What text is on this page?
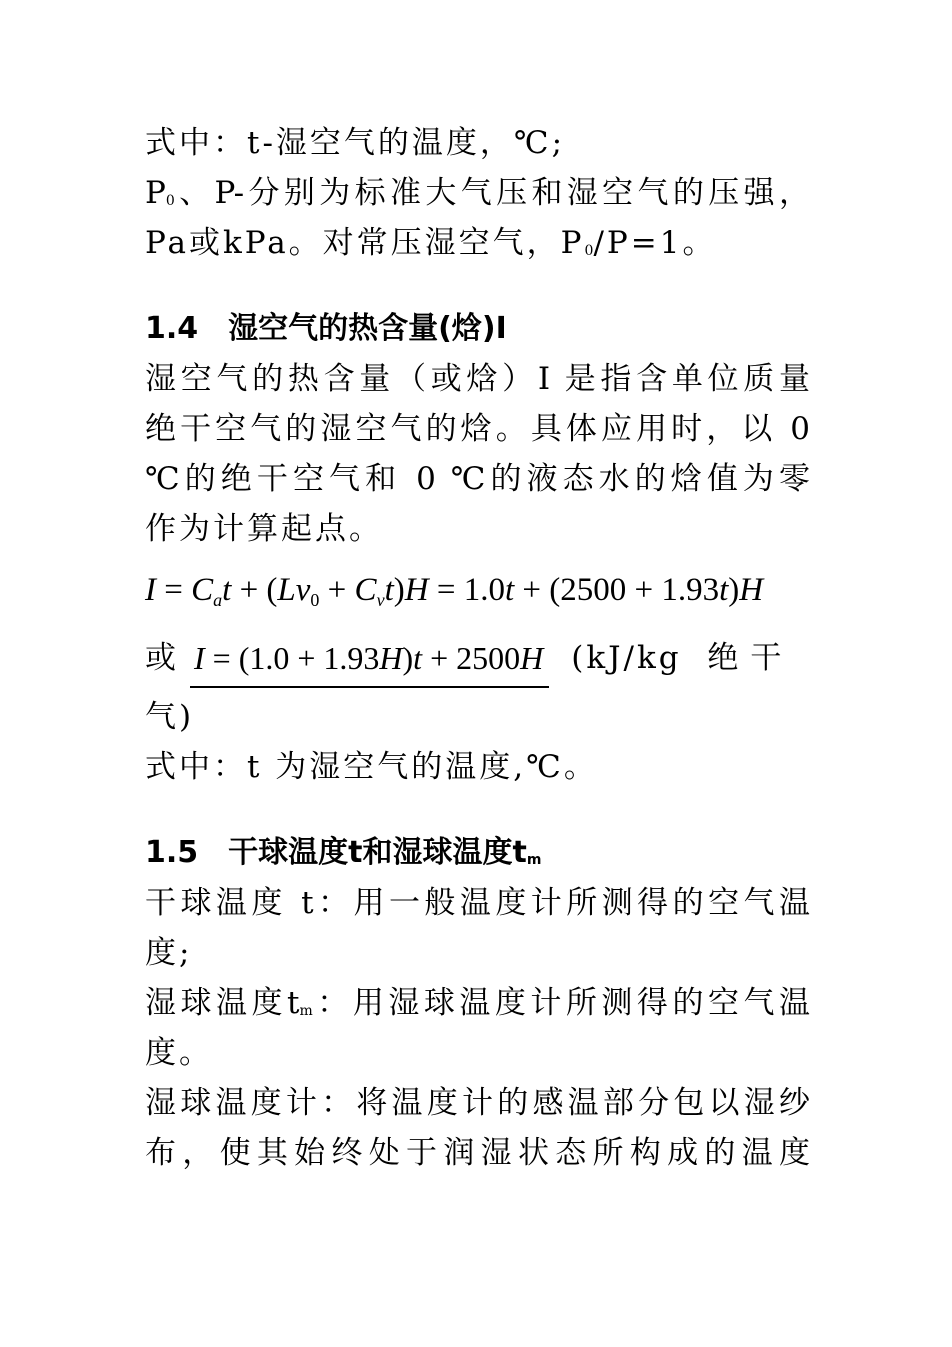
式中：t-湿空气的温度，℃;
$P_0$、P-分别为标准大气压和湿空气的压强，
Pa或kPa。对常压湿空气，$P_0/P=1$。
1.4 湿空气的热含量(焓)I
湿空气的热含量（或焓）I 是指含单位质量
绝干空气的湿空气的焓。具体应用时，以 0
℃的绝干空气和 0 ℃的液态水的焓值为零
作为计算起点。
$I = C_at + (Lv_0 + C_vt)H = 1.0t + (2500 + 1.93t)H$
或 I = (1.0 + 1.93H)t + 2500H (kJ/kg 绝干
气)
式中：t 为湿空气的温度,℃。
1.5 干球温度t和湿球温度$t_m$
干球温度 t：用一般温度计所测得的空气温
度;
湿球温度$t_m$：用湿球温度计所测得的空气温
度。
湿球温度计：将温度计的感温部分包以湿纱
布，使其始终处于润湿状态所构成的温度
